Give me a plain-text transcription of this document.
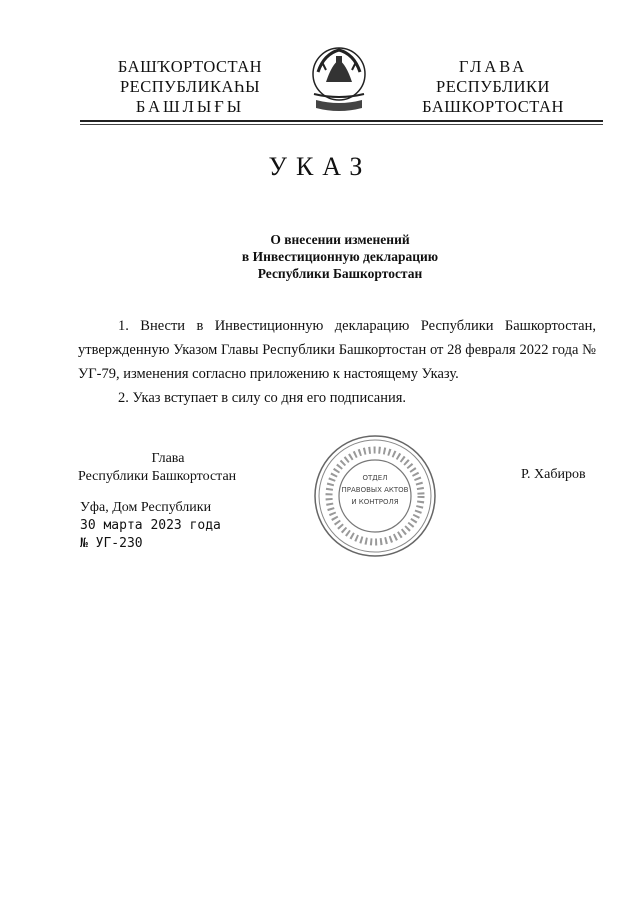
БАШҠОРТОСТАН
РЕСПУБЛИКАҺЫ
БАШЛЫҒЫ
ГЛАВА
РЕСПУБЛИКИ
БАШКОРТОСТАН
УКАЗ
О внесении изменений
в Инвестиционную декларацию
Республики Башкортостан

1. Внести в Инвестиционную декларацию Республики Башкортостан, утвержденную Указом Главы Республики Башкортостан от 28 февраля 2022 года № УГ-79, изменения согласно приложению к настоящему Указу.

2. Указ вступает в силу со дня его подписания.

Глава
Республики Башкортостан	ОТДЕЛ
ПРАВОВЫХ АКТОВ
И КОНТРОЛЯ
Р. Хабиров
Уфа, Дом Республики
30 марта 2023 года
№ УГ-230
